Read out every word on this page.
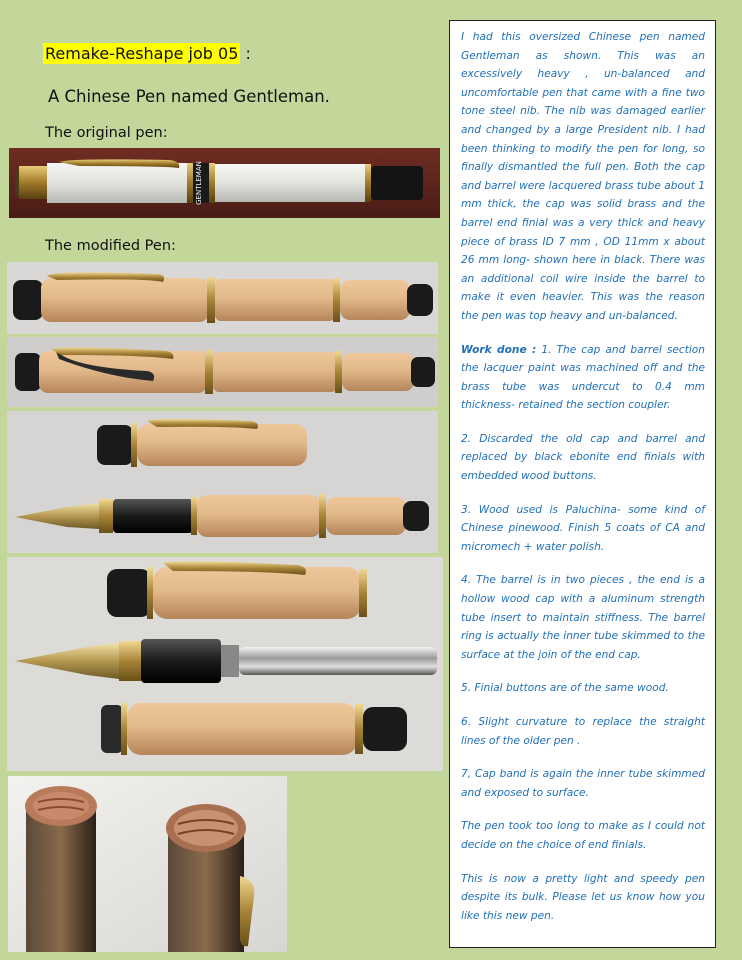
Remake-Reshape job 05 :
A Chinese Pen named Gentleman.
The original pen:
The modified Pen:
GENTLEMAN

I had this oversized Chinese pen named Gentleman as shown. This was an excessively heavy , un-balanced and uncomfortable pen that came with a fine two tone steel nib. The nib was damaged earlier and changed by a large President nib. I had been thinking to modify the pen for long, so finally dismantled the full pen. Both the cap and barrel were lacquered brass tube about 1 mm thick, the cap was solid brass and the barrel end finial was a very thick and heavy piece of brass ID 7 mm , OD 11mm x about 26 mm long- shown here in black. There was an additional coil wire inside the barrel to make it even heavier. This was the reason the pen was top heavy and un-balanced.

Work done : 1. The cap and barrel section the lacquer paint was machined off and the brass tube was undercut to 0.4 mm thickness- retained the section coupler.

2. Discarded the old cap and barrel and replaced by black ebonite end finials with embedded wood buttons.

3. Wood used is Paluchina- some kind of Chinese pinewood. Finish 5 coats of CA and micromech + water polish.

4. The barrel is in two pieces , the end is a hollow wood cap with a aluminum strength tube insert to maintain stiffness. The barrel ring is actually the inner tube skimmed to the surface at the join of the end cap.

5. Finial buttons are of the same wood.

6. Slight curvature to replace the straight lines of the older pen .

7, Cap band is again the inner tube skimmed and exposed to surface.

The pen took too long to make as I could not decide on the choice of end finials.

This is now a pretty light and speedy pen despite its bulk. Please let us know how you like this new pen.
